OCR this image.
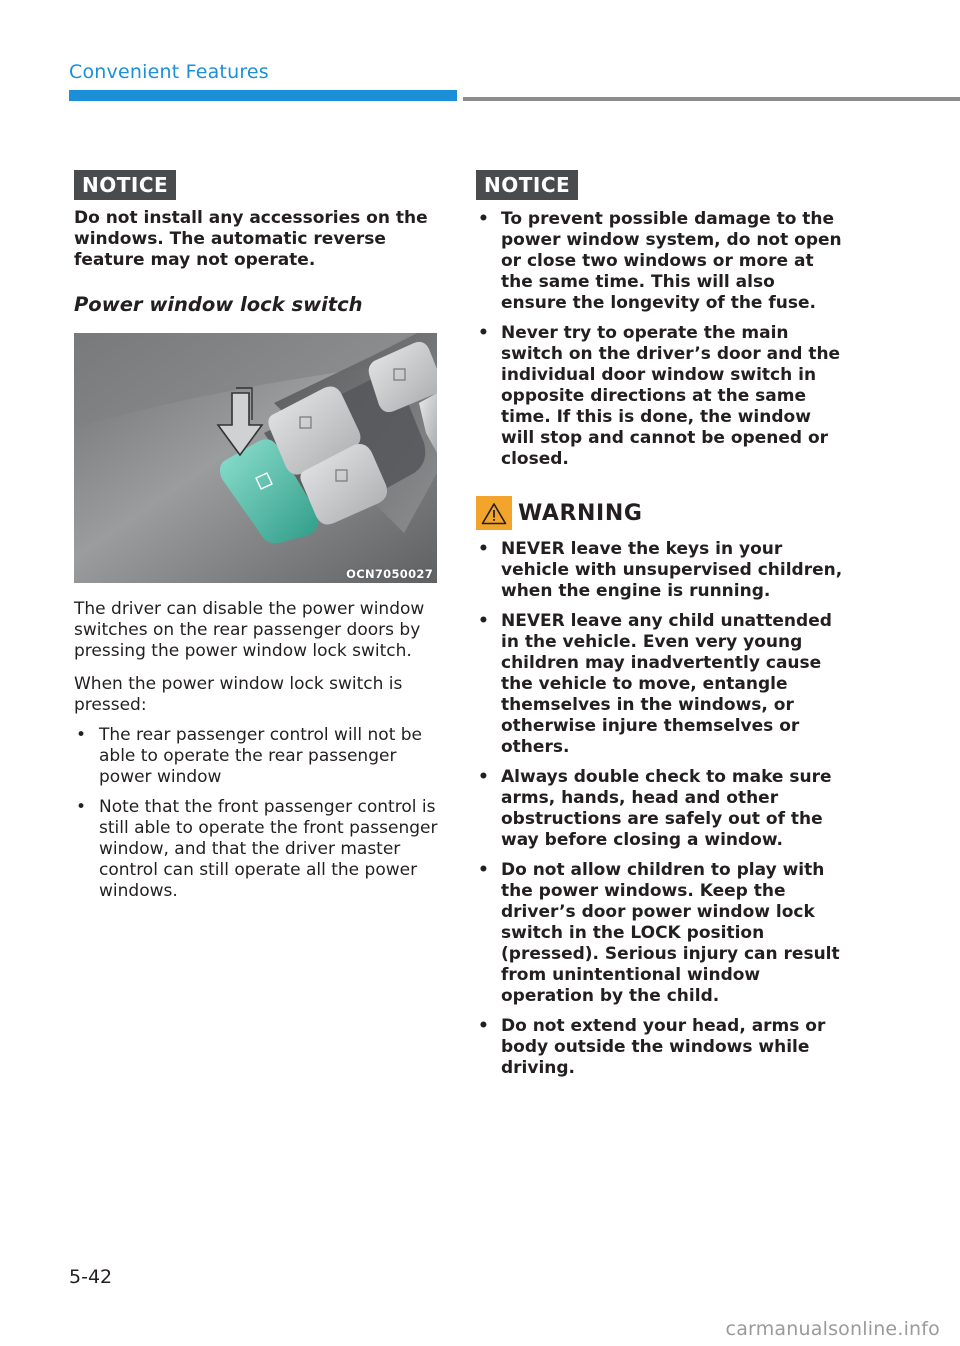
Convenient Features
NOTICE

Do not install any accessories on the windows. The automatic reverse feature may not operate.

Power window lock switch
OCN7050027

The driver can disable the power window switches on the rear passenger doors by pressing the power window lock switch.

When the power window lock switch is pressed:

• The rear passenger control will not be able to operate the rear passenger power window
• Note that the front passenger control is still able to operate the front passenger window, and that the driver master control can still operate all the power windows.
NOTICE
• To prevent possible damage to the power window system, do not open or close two windows or more at the same time. This will also ensure the longevity of the fuse.
• Never try to operate the main switch on the driver’s door and the individual door window switch in opposite directions at the same time. If this is done, the window will stop and cannot be opened or closed.
WARNING
• NEVER leave the keys in your vehicle with unsupervised children, when the engine is running.
• NEVER leave any child unattended in the vehicle. Even very young children may inadvertently cause the vehicle to move, entangle themselves in the windows, or otherwise injure themselves or others.
• Always double check to make sure arms, hands, head and other obstructions are safely out of the way before closing a window.
• Do not allow children to play with the power windows. Keep the driver’s door power window lock switch in the LOCK position (pressed). Serious injury can result from unintentional window operation by the child.
• Do not extend your head, arms or body outside the windows while driving.
5-42
carmanualsonline.info
